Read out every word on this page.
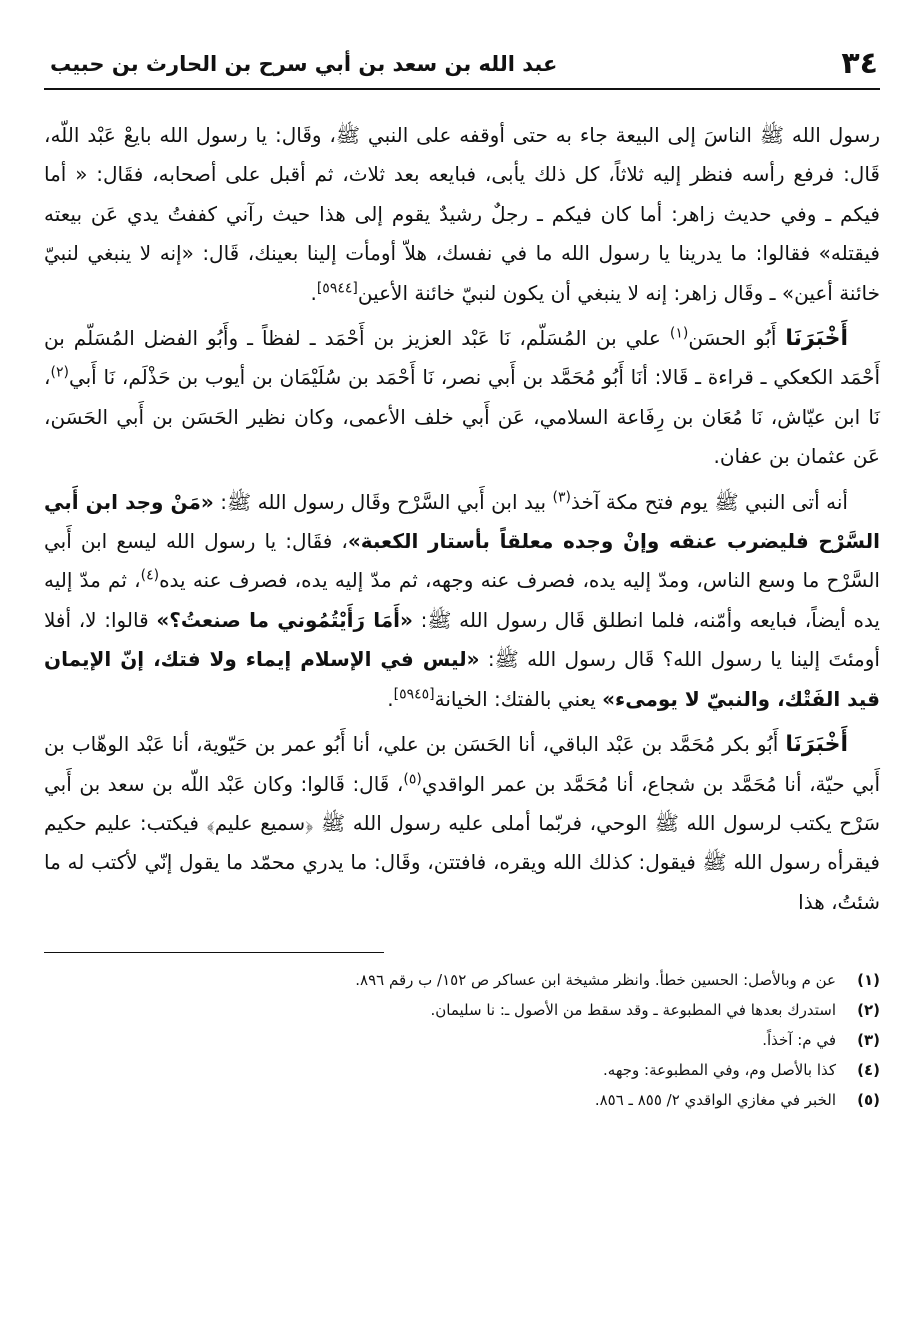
٣٤
عبد الله بن سعد بن أبي سرح بن الحارث بن حبيب

رسول الله ﷺ الناسَ إلى البيعة جاء به حتى أوقفه على النبي ﷺ، وقَال: يا رسول الله بايعْ عَبْد اللّه، قَال: فرفع رأسه فنظر إليه ثلاثاً، كل ذلك يأبى، فبايعه بعد ثلاث، ثم أقبل على أصحابه، فقَال: « أما فيكم ـ وفي حديث زاهر: أما كان فيكم ـ رجلٌ رشيدٌ يقوم إلى هذا حيث رآني كففتُ يدي عَن بيعته فيقتله» فقالوا: ما يدرينا يا رسول الله ما في نفسك، هلاّ أومأت إلينا بعينك، قَال: «إنه لا ينبغي لنبيّ خائنة أعين» ـ وقَال زاهر: إنه لا ينبغي أن يكون لنبيّ خائنة الأعين[٥٩٤٤].

أَخْبَرَنَا أَبُو الحسَن$^{(١)}$ علي بن المُسَلّم، نَا عَبْد العزيز بن أَحْمَد ـ لفظاً ـ وأَبُو الفضل المُسَلّم بن أَحْمَد الكعكي ـ قراءة ـ قَالا: أنَا أَبُو مُحَمَّد بن أَبي نصر، نَا أَحْمَد بن سُلَيْمَان بن أيوب بن حَذْلَم، نَا أَبي$^{(٢)}$، نَا ابن عيّاش، نَا مُعَان بن رِفَاعة السلامي، عَن أَبي خلف الأعمى، وكان نظير الحَسَن بن أَبي الحَسَن، عَن عثمان بن عفان.

أنه أتى النبي ﷺ يوم فتح مكة آخذ$^{(٣)}$ بيد ابن أَبي السَّرْح وقَال رسول الله ﷺ: «مَنْ وجد ابن أَبي السَّرْح فليضرب عنقه وإنْ وجده معلقاً بأستار الكعبة»، فقَال: يا رسول الله ليسع ابن أَبي السَّرْح ما وسع الناس، ومدّ إليه يده، فصرف عنه وجهه، ثم مدّ إليه يده، فصرف عنه يده$^{(٤)}$، ثم مدّ إليه يده أيضاً، فبايعه وأمّنه، فلما انطلق قَال رسول الله ﷺ: «أَمَا رَأَيْتُمُوني ما صنعتُ؟» قالوا: لا، أفلا أومئتَ إلينا يا رسول الله؟ قَال رسول الله ﷺ: «ليس في الإسلام إيماء ولا فتك، إنّ الإيمان قيد الفَتْك، والنبيّ لا يومىء» يعني بالفتك: الخيانة[٥٩٤٥].

أَخْبَرَنَا أَبُو بكر مُحَمَّد بن عَبْد الباقي، أنا الحَسَن بن علي، أنا أَبُو عمر بن حَيّوية، أنا عَبْد الوهّاب بن أَبي حيّة، أنا مُحَمَّد بن شجاع، أنا مُحَمَّد بن عمر الواقدي$^{(٥)}$، قَال: قَالوا: وكان عَبْد اللّه بن سعد بن أَبي سَرْح يكتب لرسول الله ﷺ الوحي، فربّما أملى عليه رسول الله ﷺ ﴿سميع عليم﴾ فيكتب: عليم حكيم فيقرأه رسول الله ﷺ فيقول: كذلك الله ويقره، فافتتن، وقَال: ما يدري محمّد ما يقول إنّي لأكتب له ما شئتُ، هذا

(١)
عن م وبالأصل: الحسين خطأ. وانظر مشيخة ابن عساكر ص ١٥٢/ ب رقم ٨٩٦.
(٢)
استدرك بعدها في المطبوعة ـ وقد سقط من الأصول ـ: نا سليمان.
(٣)
في م: آخذاً.
(٤)
كذا بالأصل وم، وفي المطبوعة: وجهه.
(٥)
الخبر في مغازي الواقدي ٢/ ٨٥٥ ـ ٨٥٦.
